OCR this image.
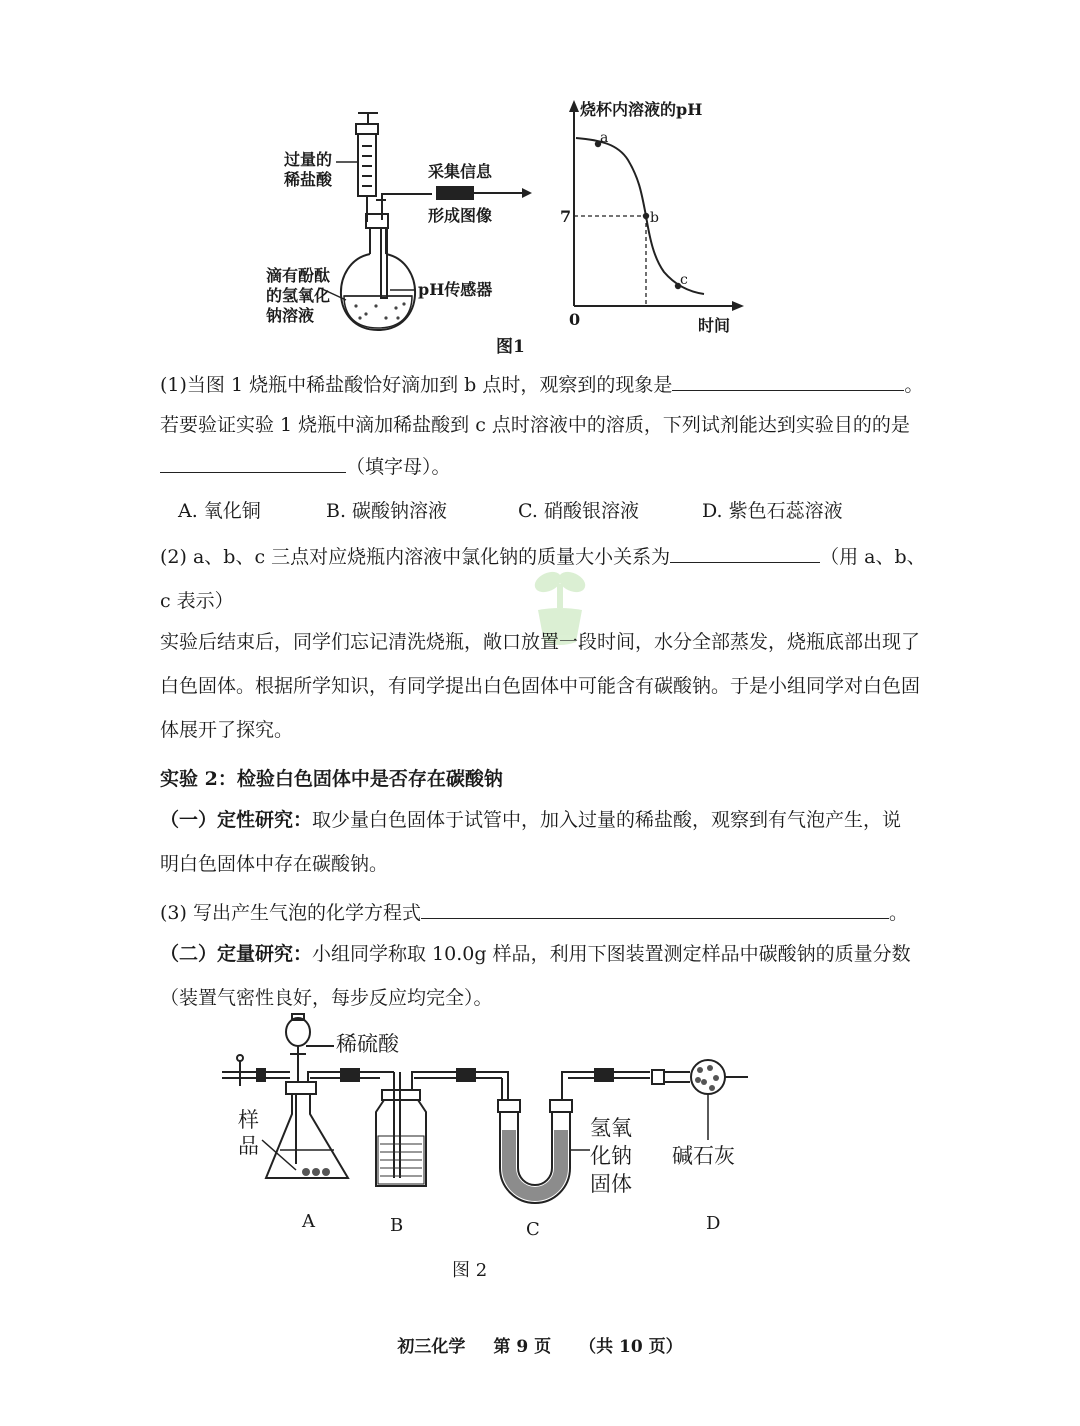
过量的
稀盐酸	采集信息
形成图像
滴有酚酞
的氢氧化
钠溶液
pH传感器
烧杯内溶液的pH
a
b
c
7
0	时间
图1
(1)当图 1 烧瓶中稀盐酸恰好滴加到 b 点时，观察到的现象是	。
若要验证实验 1 烧瓶中滴加稀盐酸到 c 点时溶液中的溶质，下列试剂能达到实验目的的是
（填字母）。
A. 氧化铜	B. 碳酸钠溶液	C. 硝酸银溶液	D. 紫色石蕊溶液
(2) a、b、c 三点对应烧瓶内溶液中氯化钠的质量大小关系为	（用 a、b、
c 表示）
实验后结束后，同学们忘记清洗烧瓶，敞口放置一段时间，水分全部蒸发，烧瓶底部出现了白色固体。根据所学知识，有同学提出白色固体中可能含有碳酸钠。于是小组同学对白色固体展开了探究。
实验 2：检验白色固体中是否存在碳酸钠
（一）定性研究：取少量白色固体于试管中，加入过量的稀盐酸，观察到有气泡产生，说明白色固体中存在碳酸钠。
(3) 写出产生气泡的化学方程式	。
（二）定量研究：小组同学称取 10.0g 样品，利用下图装置测定样品中碳酸钠的质量分数（装置气密性良好，每步反应均完全）。
稀硫酸
样
品
氢氧
化钠
固体
碱石灰
A	B	C	D
图 2
初三化学 第 9 页 （共 10 页）
